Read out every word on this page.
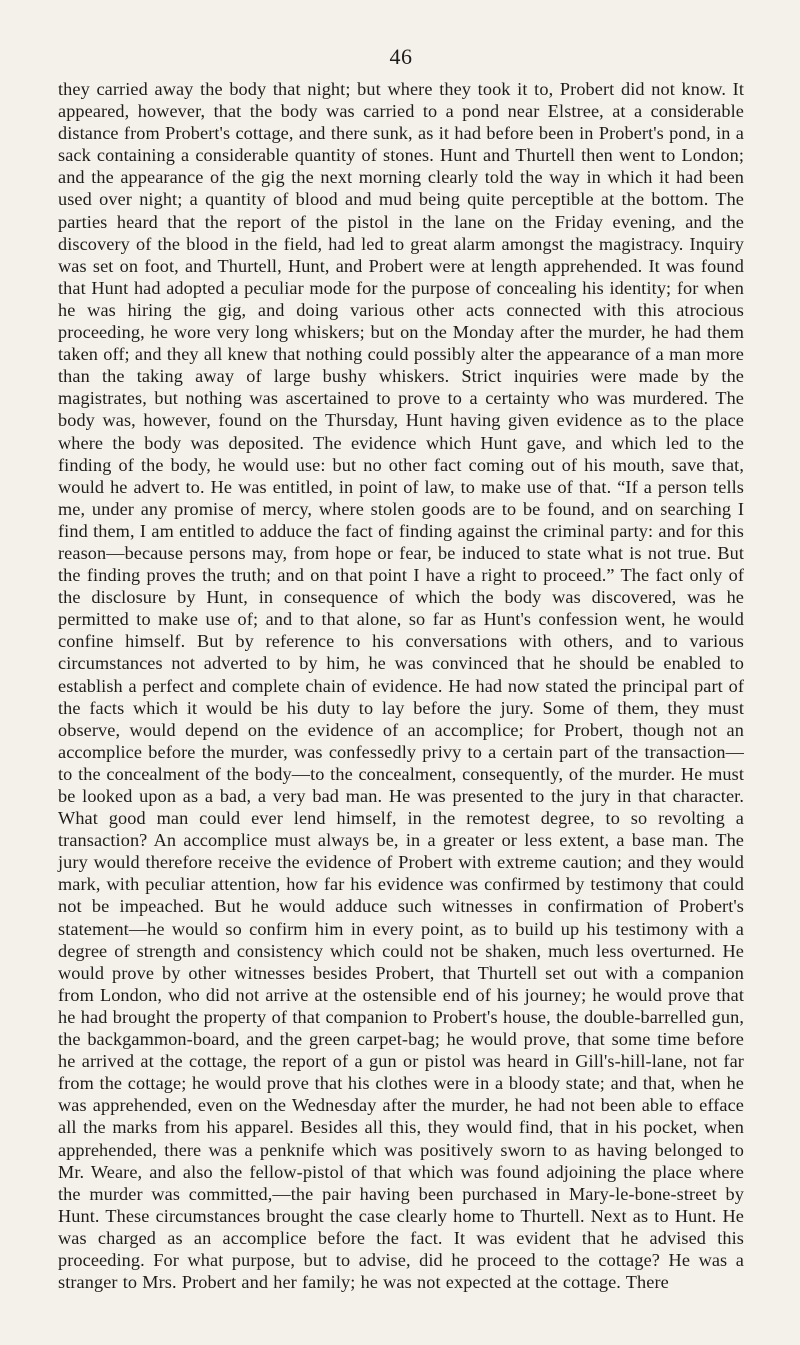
46

they carried away the body that night; but where they took it to, Probert did not know. It appeared, however, that the body was carried to a pond near Elstree, at a considerable distance from Probert's cottage, and there sunk, as it had before been in Probert's pond, in a sack containing a considerable quantity of stones. Hunt and Thurtell then went to London; and the appearance of the gig the next morning clearly told the way in which it had been used over night; a quantity of blood and mud being quite perceptible at the bottom. The parties heard that the report of the pistol in the lane on the Friday evening, and the discovery of the blood in the field, had led to great alarm amongst the magistracy. Inquiry was set on foot, and Thurtell, Hunt, and Probert were at length apprehended. It was found that Hunt had adopted a peculiar mode for the purpose of concealing his identity; for when he was hiring the gig, and doing various other acts connected with this atrocious proceeding, he wore very long whiskers; but on the Monday after the murder, he had them taken off; and they all knew that nothing could possibly alter the appearance of a man more than the taking away of large bushy whiskers. Strict inquiries were made by the magistrates, but nothing was ascertained to prove to a certainty who was murdered. The body was, however, found on the Thursday, Hunt having given evidence as to the place where the body was deposited. The evidence which Hunt gave, and which led to the finding of the body, he would use: but no other fact coming out of his mouth, save that, would he advert to. He was entitled, in point of law, to make use of that. “If a person tells me, under any promise of mercy, where stolen goods are to be found, and on searching I find them, I am entitled to adduce the fact of finding against the criminal party: and for this reason—because persons may, from hope or fear, be induced to state what is not true. But the finding proves the truth; and on that point I have a right to proceed.” The fact only of the disclosure by Hunt, in consequence of which the body was discovered, was he permitted to make use of; and to that alone, so far as Hunt's confession went, he would confine himself. But by reference to his conversations with others, and to various circumstances not adverted to by him, he was convinced that he should be enabled to establish a perfect and complete chain of evidence. He had now stated the principal part of the facts which it would be his duty to lay before the jury. Some of them, they must observe, would depend on the evidence of an accomplice; for Probert, though not an accomplice before the murder, was confessedly privy to a certain part of the transaction—to the concealment of the body—to the concealment, consequently, of the murder. He must be looked upon as a bad, a very bad man. He was presented to the jury in that character. What good man could ever lend himself, in the remotest degree, to so revolting a transaction? An accomplice must always be, in a greater or less extent, a base man. The jury would therefore receive the evidence of Probert with extreme caution; and they would mark, with peculiar attention, how far his evidence was confirmed by testimony that could not be impeached. But he would adduce such witnesses in confirmation of Probert's statement—he would so confirm him in every point, as to build up his testimony with a degree of strength and consistency which could not be shaken, much less overturned. He would prove by other witnesses besides Probert, that Thurtell set out with a companion from London, who did not arrive at the ostensible end of his journey; he would prove that he had brought the property of that companion to Probert's house, the double-barrelled gun, the backgammon-board, and the green carpet-bag; he would prove, that some time before he arrived at the cottage, the report of a gun or pistol was heard in Gill's-hill-lane, not far from the cottage; he would prove that his clothes were in a bloody state; and that, when he was apprehended, even on the Wednesday after the murder, he had not been able to efface all the marks from his apparel. Besides all this, they would find, that in his pocket, when apprehended, there was a penknife which was positively sworn to as having belonged to Mr. Weare, and also the fellow-pistol of that which was found adjoining the place where the murder was committed,—the pair having been purchased in Mary-le-bone-street by Hunt. These circumstances brought the case clearly home to Thurtell. Next as to Hunt. He was charged as an accomplice before the fact. It was evident that he advised this proceeding. For what purpose, but to advise, did he proceed to the cottage? He was a stranger to Mrs. Probert and her family; he was not expected at the cottage. There
